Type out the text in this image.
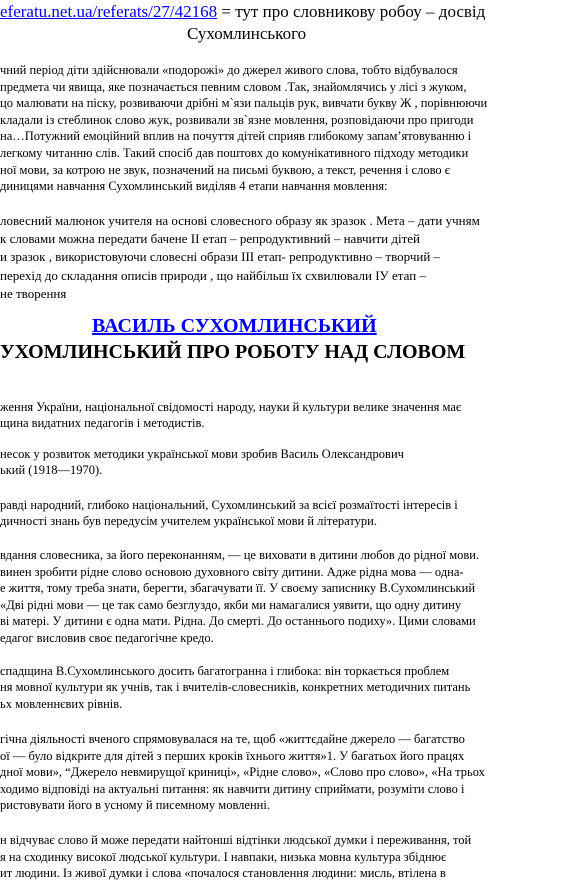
eferatu.net.ua/referats/27/42168 = тут про словникову робоу – досвід
Сухомлинського
чний період діти здійснювали «подорожі» до джерел живого слова, тобто відбувалося
предмета чи явища, яке позначається певним словом .Так, знайомлячись у лісі з жуком,
цо малювати на піску, розвиваючи дрібні м`язи пальців рук, вивчати букву Ж , порівнюючи
кладали із стеблинок слово жук, розвивали зв`язне мовлення, розповідаючи про пригоди
на…Потужний емоційний вплив на почуття дітей сприяв глибокому запам’ятовуванню і
легкому читанню слів. Такий спосіб дав поштовх до комунікативного підходу методики
ної мови, за котрою не звук, позначений на письмі буквою, а текст, речення і слово є
диницями навчання Сухомлинський виділяв 4 етапи навчання мовлення:
ловесний малюнок учителя на основі словесного образу як зразок . Мета – дати учням
к словами можна передати бачене ІІ етап – репродуктивний – навчити дітей
и зразок , використовуючи словесні образи ІІІ етап- репродуктивно – творчий –
перехід до складання описів природи , що найбільш їх схвилювали ІУ етап –
не творення
ВАСИЛЬ СУХОМЛИНСЬКИЙ
УХОМЛИНСЬКИЙ ПРО РОБОТУ НАД СЛОВОМ
ження України, національної свідомості народу, науки й культури велике значення має
щина видатних педагогів і методистів.
несок у розвиток методики української мови зробив Василь Олександрович
ький (1918—1970).
равді народний, глибоко національний, Сухомлинський за всієї розмаїтості інтересів і
дичності знань був передусім учителем української мови й літератури.
вдання словесника, за його переконанням, — це виховати в дитини любов до рідної мови.
винен зробити рідне слово основою духовного світу дитини. Адже рідна мова — одна-
е життя, тому треба знати, берегти, збагачувати її. У своєму записнику В.Сухомлинський
«Дві рідні мови — це так само безглуздо, якби ми намагалися уявити, що одну дитину
ві матері. У дитини є одна мати. Рідна. До смерті. До останнього подиху». Цими словами
едагог висловив своє педагогічне кредо.
спадщина В.Сухомлинського досить багатогранна і глибока: він торкається проблем
ня мовної культури як учнів, так і вчителів-словесників, конкретних методичних питань
ьх мовленнєвих рівнів.
гічна діяльності вченого спрямовувалася на те, щоб «життєдайне джерело — багатство
ої — було відкрите для дітей з перших кроків їхнього життя»1. У багатьох його працях
дної мови», “Джерело невмирущої криниці», «Рідне слово», «Слово про слово», «На трьох
ходимо відповіді на актуальні питання: як навчити дитину сприймати, розуміти слово і
ристовувати його в усному й писемному мовленні.
н відчуває слово й може передати найтонші відтінки людської думки і переживання, той
я на сходинку високої людської культури. І навпаки, низька мовна культура збіднює
ит людини. Із живої думки і слова «почалося становлення людини: мисль, втілена в
